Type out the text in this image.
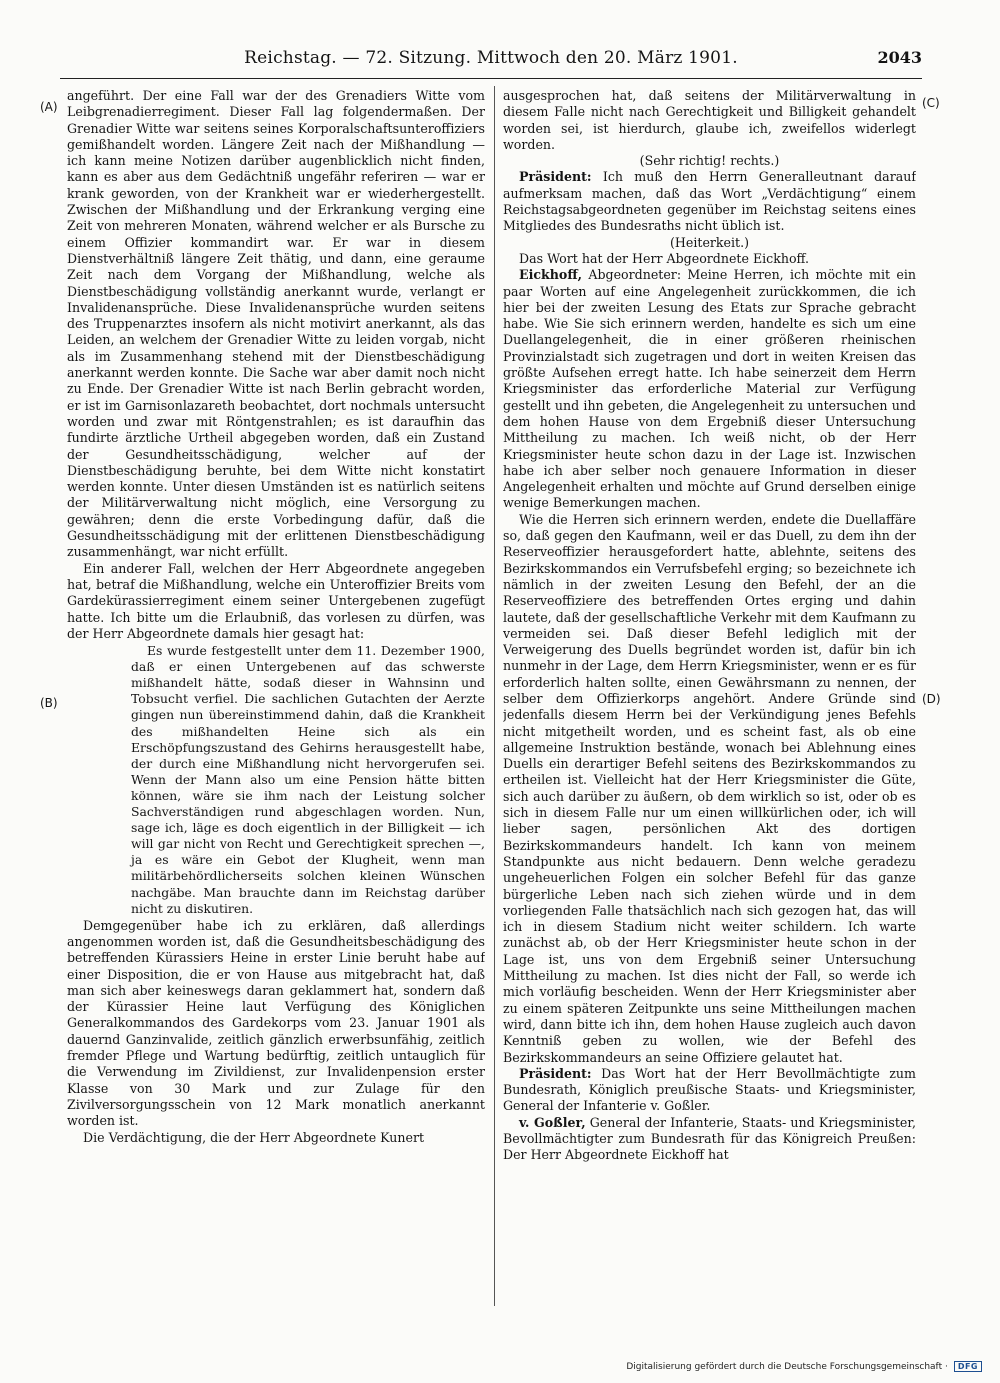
Reichstag. — 72. Sitzung. Mittwoch den 20. März 1901.	2043
(A)
(B)
(C)
(D)

angeführt. Der eine Fall war der des Grenadiers Witte vom Leibgrenadierregiment. Dieser Fall lag folgendermaßen. Der Grenadier Witte war seitens seines Korporalschaftsunteroffiziers gemißhandelt worden. Längere Zeit nach der Mißhandlung — ich kann meine Notizen darüber augenblicklich nicht finden, kann es aber aus dem Gedächtniß ungefähr referiren — war er krank geworden, von der Krankheit war er wiederhergestellt. Zwischen der Mißhandlung und der Erkrankung verging eine Zeit von mehreren Monaten, während welcher er als Bursche zu einem Offizier kommandirt war. Er war in diesem Dienstverhältniß längere Zeit thätig, und dann, eine geraume Zeit nach dem Vorgang der Mißhandlung, welche als Dienstbeschädigung vollständig anerkannt wurde, verlangt er Invalidenansprüche. Diese Invalidenansprüche wurden seitens des Truppenarztes insofern als nicht motivirt anerkannt, als das Leiden, an welchem der Grenadier Witte zu leiden vorgab, nicht als im Zusammenhang stehend mit der Dienstbeschädigung anerkannt werden konnte. Die Sache war aber damit noch nicht zu Ende. Der Grenadier Witte ist nach Berlin gebracht worden, er ist im Garnisonlazareth beobachtet, dort nochmals untersucht worden und zwar mit Röntgenstrahlen; es ist daraufhin das fundirte ärztliche Urtheil abgegeben worden, daß ein Zustand der Gesundheitsschädigung, welcher auf der Dienstbeschädigung beruhte, bei dem Witte nicht konstatirt werden konnte. Unter diesen Umständen ist es natürlich seitens der Militärverwaltung nicht möglich, eine Versorgung zu gewähren; denn die erste Vorbedingung dafür, daß die Gesundheitsschädigung mit der erlittenen Dienstbeschädigung zusammenhängt, war nicht erfüllt.

Ein anderer Fall, welchen der Herr Abgeordnete angegeben hat, betraf die Mißhandlung, welche ein Unteroffizier Breits vom Gardekürassierregiment einem seiner Untergebenen zugefügt hatte. Ich bitte um die Erlaubniß, das vorlesen zu dürfen, was der Herr Abgeordnete damals hier gesagt hat:

Es wurde festgestellt unter dem 11. Dezember 1900, daß er einen Untergebenen auf das schwerste mißhandelt hätte, sodaß dieser in Wahnsinn und Tobsucht verfiel. Die sachlichen Gutachten der Aerzte gingen nun übereinstimmend dahin, daß die Krankheit des mißhandelten Heine sich als ein Erschöpfungszustand des Gehirns herausgestellt habe, der durch eine Mißhandlung nicht hervorgerufen sei. Wenn der Mann also um eine Pension hätte bitten können, wäre sie ihm nach der Leistung solcher Sachverständigen rund abgeschlagen worden. Nun, sage ich, läge es doch eigentlich in der Billigkeit — ich will gar nicht von Recht und Gerechtigkeit sprechen —, ja es wäre ein Gebot der Klugheit, wenn man militärbehördlicherseits solchen kleinen Wünschen nachgäbe. Man brauchte dann im Reichstag darüber nicht zu diskutiren.

Demgegenüber habe ich zu erklären, daß allerdings angenommen worden ist, daß die Gesundheitsbeschädigung des betreffenden Kürassiers Heine in erster Linie beruht habe auf einer Disposition, die er von Hause aus mitgebracht hat, daß man sich aber keineswegs daran geklammert hat, sondern daß der Kürassier Heine laut Verfügung des Königlichen Generalkommandos des Gardekorps vom 23. Januar 1901 als dauernd Ganzinvalide, zeitlich gänzlich erwerbsunfähig, zeitlich fremder Pflege und Wartung bedürftig, zeitlich untauglich für die Verwendung im Zivildienst, zur Invalidenpension erster Klasse von 30 Mark und zur Zulage für den Zivilversorgungsschein von 12 Mark monatlich anerkannt worden ist.

Die Verdächtigung, die der Herr Abgeordnete Kunert

ausgesprochen hat, daß seitens der Militärverwaltung in diesem Falle nicht nach Gerechtigkeit und Billigkeit gehandelt worden sei, ist hierdurch, glaube ich, zweifellos widerlegt worden.

(Sehr richtig! rechts.)

Präsident: Ich muß den Herrn Generalleutnant darauf aufmerksam machen, daß das Wort „Verdächtigung“ einem Reichstagsabgeordneten gegenüber im Reichstag seitens eines Mitgliedes des Bundesraths nicht üblich ist.

(Heiterkeit.)

Das Wort hat der Herr Abgeordnete Eickhoff.

Eickhoff, Abgeordneter: Meine Herren, ich möchte mit ein paar Worten auf eine Angelegenheit zurückkommen, die ich hier bei der zweiten Lesung des Etats zur Sprache gebracht habe. Wie Sie sich erinnern werden, handelte es sich um eine Duellangelegenheit, die in einer größeren rheinischen Provinzialstadt sich zugetragen und dort in weiten Kreisen das größte Aufsehen erregt hatte. Ich habe seinerzeit dem Herrn Kriegsminister das erforderliche Material zur Verfügung gestellt und ihn gebeten, die Angelegenheit zu untersuchen und dem hohen Hause von dem Ergebniß dieser Untersuchung Mittheilung zu machen. Ich weiß nicht, ob der Herr Kriegsminister heute schon dazu in der Lage ist. Inzwischen habe ich aber selber noch genauere Information in dieser Angelegenheit erhalten und möchte auf Grund derselben einige wenige Bemerkungen machen.

Wie die Herren sich erinnern werden, endete die Duellaffäre so, daß gegen den Kaufmann, weil er das Duell, zu dem ihn der Reserveoffizier herausgefordert hatte, ablehnte, seitens des Bezirkskommandos ein Verrufsbefehl erging; so bezeichnete ich nämlich in der zweiten Lesung den Befehl, der an die Reserveoffiziere des betreffenden Ortes erging und dahin lautete, daß der gesellschaftliche Verkehr mit dem Kaufmann zu vermeiden sei. Daß dieser Befehl lediglich mit der Verweigerung des Duells begründet worden ist, dafür bin ich nunmehr in der Lage, dem Herrn Kriegsminister, wenn er es für erforderlich halten sollte, einen Gewährsmann zu nennen, der selber dem Offizierkorps angehört. Andere Gründe sind jedenfalls diesem Herrn bei der Verkündigung jenes Befehls nicht mitgetheilt worden, und es scheint fast, als ob eine allgemeine Instruktion bestände, wonach bei Ablehnung eines Duells ein derartiger Befehl seitens des Bezirkskommandos zu ertheilen ist. Vielleicht hat der Herr Kriegsminister die Güte, sich auch darüber zu äußern, ob dem wirklich so ist, oder ob es sich in diesem Falle nur um einen willkürlichen oder, ich will lieber sagen, persönlichen Akt des dortigen Bezirkskommandeurs handelt. Ich kann von meinem Standpunkte aus nicht bedauern. Denn welche geradezu ungeheuerlichen Folgen ein solcher Befehl für das ganze bürgerliche Leben nach sich ziehen würde und in dem vorliegenden Falle thatsächlich nach sich gezogen hat, das will ich in diesem Stadium nicht weiter schildern. Ich warte zunächst ab, ob der Herr Kriegsminister heute schon in der Lage ist, uns von dem Ergebniß seiner Untersuchung Mittheilung zu machen. Ist dies nicht der Fall, so werde ich mich vorläufig bescheiden. Wenn der Herr Kriegsminister aber zu einem späteren Zeitpunkte uns seine Mittheilungen machen wird, dann bitte ich ihn, dem hohen Hause zugleich auch davon Kenntniß geben zu wollen, wie der Befehl des Bezirkskommandeurs an seine Offiziere gelautet hat.

Präsident: Das Wort hat der Herr Bevollmächtigte zum Bundesrath, Königlich preußische Staats- und Kriegsminister, General der Infanterie v. Goßler.

v. Goßler, General der Infanterie, Staats- und Kriegsminister, Bevollmächtigter zum Bundesrath für das Königreich Preußen: Der Herr Abgeordnete Eickhoff hat

Digitalisierung gefördert durch die Deutsche Forschungsgemeinschaft ·	DFG
